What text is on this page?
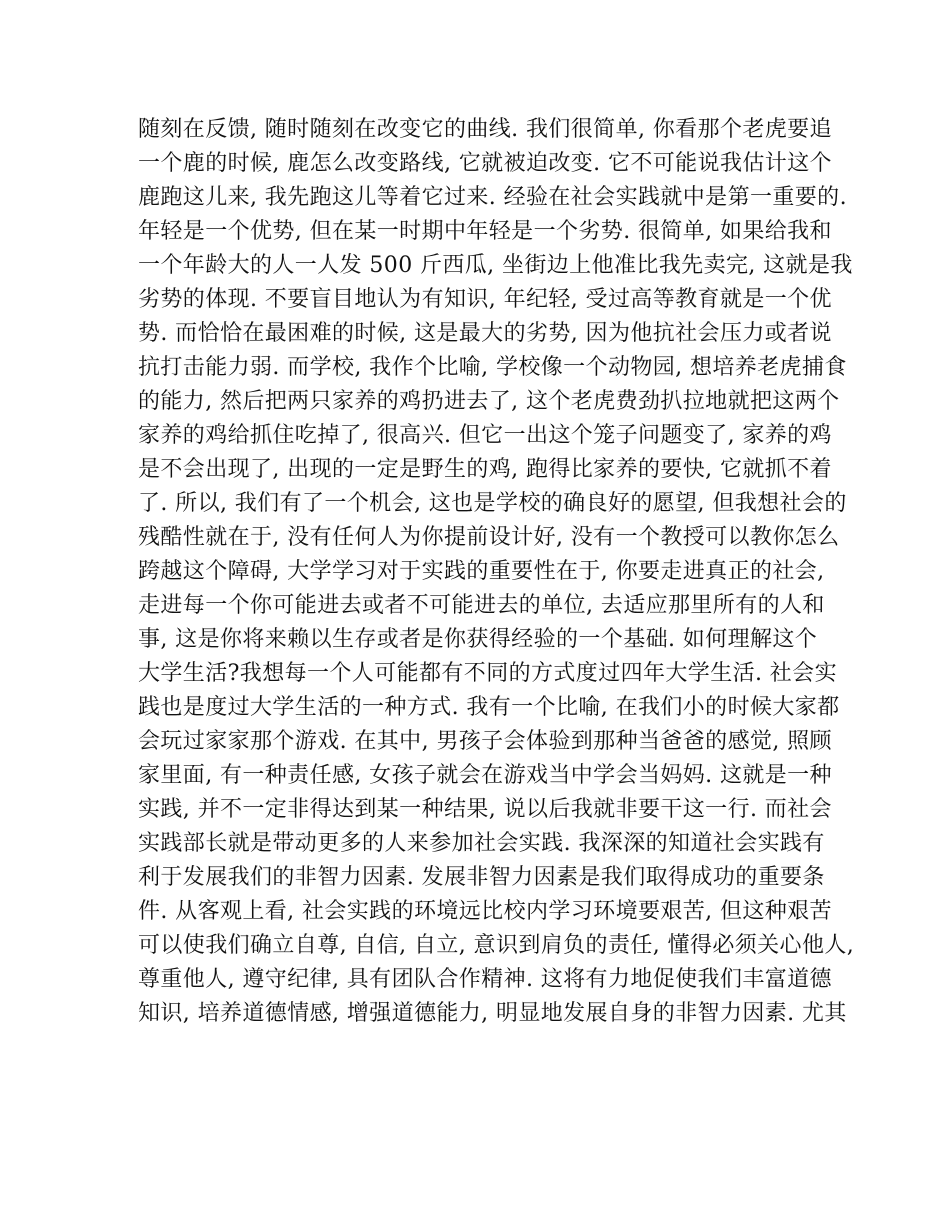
随刻在反馈, 随时随刻在改变它的曲线. 我们很简单, 你看那个老虎要追
一个鹿的时候, 鹿怎么改变路线, 它就被迫改变. 它不可能说我估计这个
鹿跑这儿来, 我先跑这儿等着它过来. 经验在社会实践就中是第一重要的.
年轻是一个优势, 但在某一时期中年轻是一个劣势. 很简单, 如果给我和
一个年龄大的人一人发 500 斤西瓜, 坐街边上他准比我先卖完, 这就是我
劣势的体现. 不要盲目地认为有知识, 年纪轻, 受过高等教育就是一个优
势. 而恰恰在最困难的时候, 这是最大的劣势, 因为他抗社会压力或者说
抗打击能力弱. 而学校, 我作个比喻, 学校像一个动物园, 想培养老虎捕食
的能力, 然后把两只家养的鸡扔进去了, 这个老虎费劲扒拉地就把这两个
家养的鸡给抓住吃掉了, 很高兴. 但它一出这个笼子问题变了, 家养的鸡
是不会出现了, 出现的一定是野生的鸡, 跑得比家养的要快, 它就抓不着
了. 所以, 我们有了一个机会, 这也是学校的确良好的愿望, 但我想社会的
残酷性就在于, 没有任何人为你提前设计好, 没有一个教授可以教你怎么
跨越这个障碍, 大学学习对于实践的重要性在于, 你要走进真正的社会,
走进每一个你可能进去或者不可能进去的单位, 去适应那里所有的人和
事, 这是你将来赖以生存或者是你获得经验的一个基础. 如何理解这个
大学生活?我想每一个人可能都有不同的方式度过四年大学生活. 社会实
践也是度过大学生活的一种方式. 我有一个比喻, 在我们小的时候大家都
会玩过家家那个游戏. 在其中, 男孩子会体验到那种当爸爸的感觉, 照顾
家里面, 有一种责任感, 女孩子就会在游戏当中学会当妈妈. 这就是一种
实践, 并不一定非得达到某一种结果, 说以后我就非要干这一行. 而社会
实践部长就是带动更多的人来参加社会实践. 我深深的知道社会实践有
利于发展我们的非智力因素. 发展非智力因素是我们取得成功的重要条
件. 从客观上看, 社会实践的环境远比校内学习环境要艰苦, 但这种艰苦
可以使我们确立自尊, 自信, 自立, 意识到肩负的责任, 懂得必须关心他人,
尊重他人, 遵守纪律, 具有团队合作精神. 这将有力地促使我们丰富道德
知识, 培养道德情感, 增强道德能力, 明显地发展自身的非智力因素. 尤其
